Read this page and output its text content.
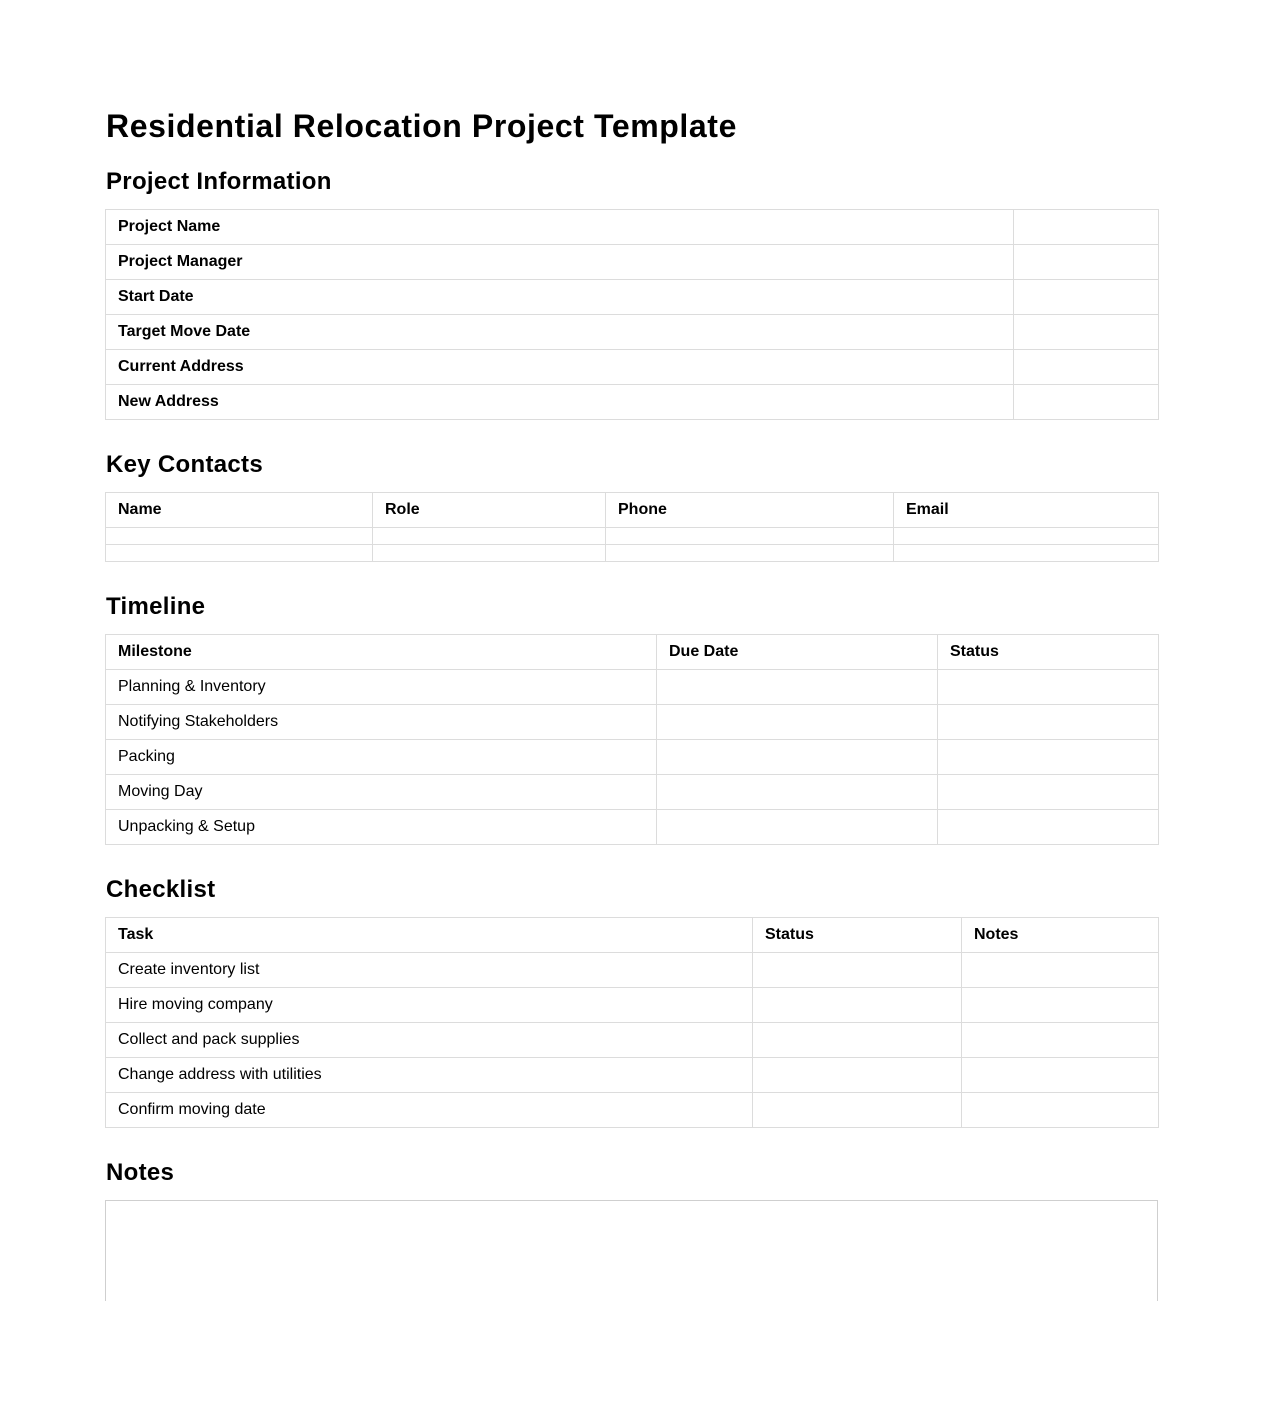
Residential Relocation Project Template
Project Information
Project Name	
Project Manager	
Start Date	
Target Move Date	
Current Address	
New Address	
Key Contacts
Name	Role	Phone	Email

Timeline
Milestone	Due Date	Status
Planning & Inventory		
Notifying Stakeholders		
Packing		
Moving Day		
Unpacking & Setup		
Checklist
Task	Status	Notes
Create inventory list		
Hire moving company		
Collect and pack supplies		
Change address with utilities		
Confirm moving date		
Notes
